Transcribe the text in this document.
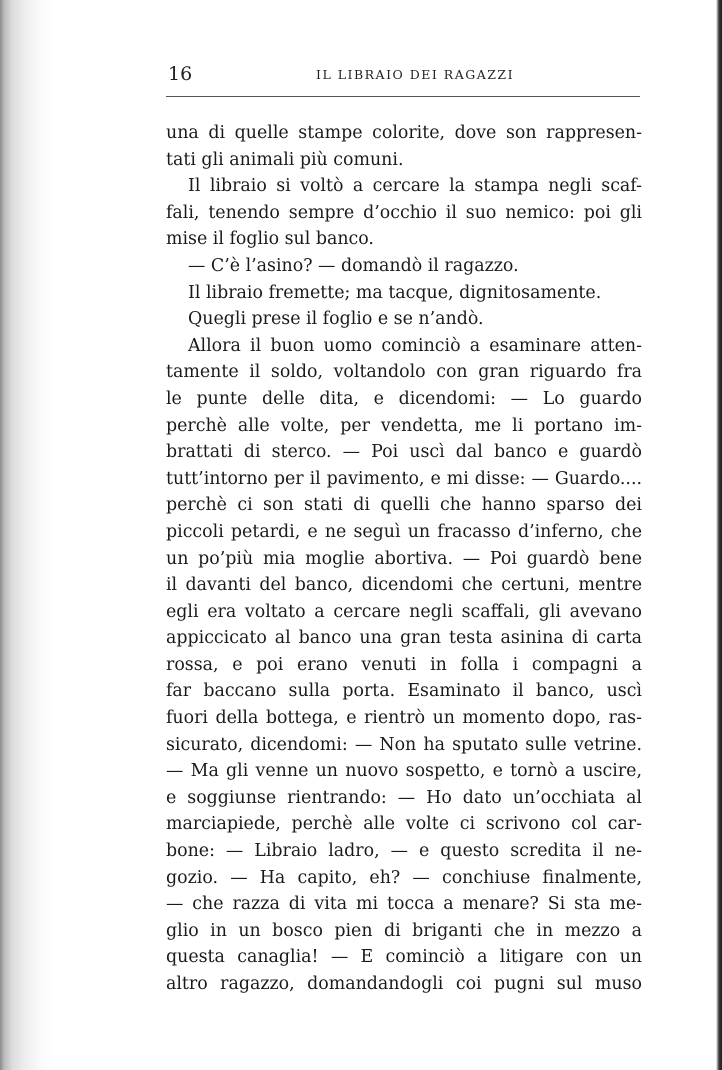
16	IL LIBRAIO DEI RAGAZZI
una di quelle stampe colorite, dove son rappresen-
tati gli animali più comuni.
Il libraio si voltò a cercare la stampa negli scaf-
fali, tenendo sempre d’occhio il suo nemico: poi gli
mise il foglio sul banco.
— C’è l’asino? — domandò il ragazzo.
Il libraio fremette; ma tacque, dignitosamente.
Quegli prese il foglio e se n’andò.
Allora il buon uomo cominciò a esaminare atten-
tamente il soldo, voltandolo con gran riguardo fra
le punte delle dita, e dicendomi: — Lo guardo
perchè alle volte, per vendetta, me li portano im-
brattati di sterco. — Poi uscì dal banco e guardò
tutt’intorno per il pavimento, e mi disse: — Guardo....
perchè ci son stati di quelli che hanno sparso dei
piccoli petardi, e ne seguì un fracasso d’inferno, che
un po’più mia moglie abortiva. — Poi guardò bene
il davanti del banco, dicendomi che certuni, mentre
egli era voltato a cercare negli scaffali, gli avevano
appiccicato al banco una gran testa asinina di carta
rossa, e poi erano venuti in folla i compagni a
far baccano sulla porta. Esaminato il banco, uscì
fuori della bottega, e rientrò un momento dopo, ras-
sicurato, dicendomi: — Non ha sputato sulle vetrine.
— Ma gli venne un nuovo sospetto, e tornò a uscire,
e soggiunse rientrando: — Ho dato un’occhiata al
marciapiede, perchè alle volte ci scrivono col car-
bone: — Libraio ladro, — e questo scredita il ne-
gozio. — Ha capito, eh? — conchiuse finalmente,
— che razza di vita mi tocca a menare? Si sta me-
glio in un bosco pien di briganti che in mezzo a
questa canaglia! — E cominciò a litigare con un
altro ragazzo, domandandogli coi pugni sul muso
